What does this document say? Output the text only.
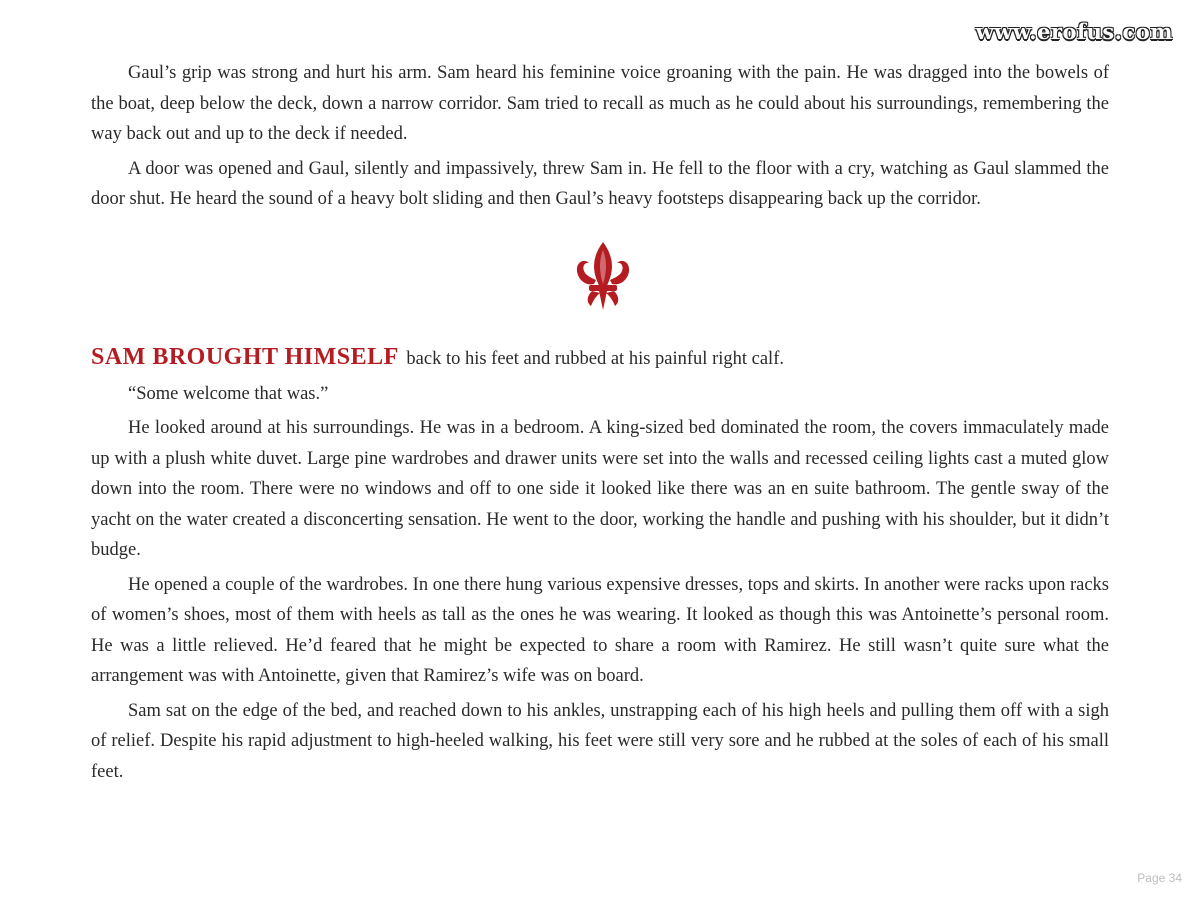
www.erofus.com

Gaul’s grip was strong and hurt his arm. Sam heard his feminine voice groaning with the pain. He was dragged into the bowels of the boat, deep below the deck, down a narrow corridor. Sam tried to recall as much as he could about his surroundings, remembering the way back out and up to the deck if needed.

A door was opened and Gaul, silently and impassively, threw Sam in. He fell to the floor with a cry, watching as Gaul slammed the door shut. He heard the sound of a heavy bolt sliding and then Gaul’s heavy footsteps disappearing back up the corridor.

SAM BROUGHT HIMSELF back to his feet and rubbed at his painful right calf.

“Some welcome that was.”

He looked around at his surroundings. He was in a bedroom. A king-sized bed dominated the room, the covers immaculately made up with a plush white duvet. Large pine wardrobes and drawer units were set into the walls and recessed ceiling lights cast a muted glow down into the room. There were no windows and off to one side it looked like there was an en suite bathroom. The gentle sway of the yacht on the water created a disconcerting sensation. He went to the door, working the handle and pushing with his shoulder, but it didn’t budge.

He opened a couple of the wardrobes. In one there hung various expensive dresses, tops and skirts. In another were racks upon racks of women’s shoes, most of them with heels as tall as the ones he was wearing. It looked as though this was Antoinette’s personal room. He was a little relieved. He’d feared that he might be expected to share a room with Ramirez. He still wasn’t quite sure what the arrangement was with Antoinette, given that Ramirez’s wife was on board.

Sam sat on the edge of the bed, and reached down to his ankles, unstrapping each of his high heels and pulling them off with a sigh of relief. Despite his rapid adjustment to high-heeled walking, his feet were still very sore and he rubbed at the soles of each of his small feet.

Page 34
